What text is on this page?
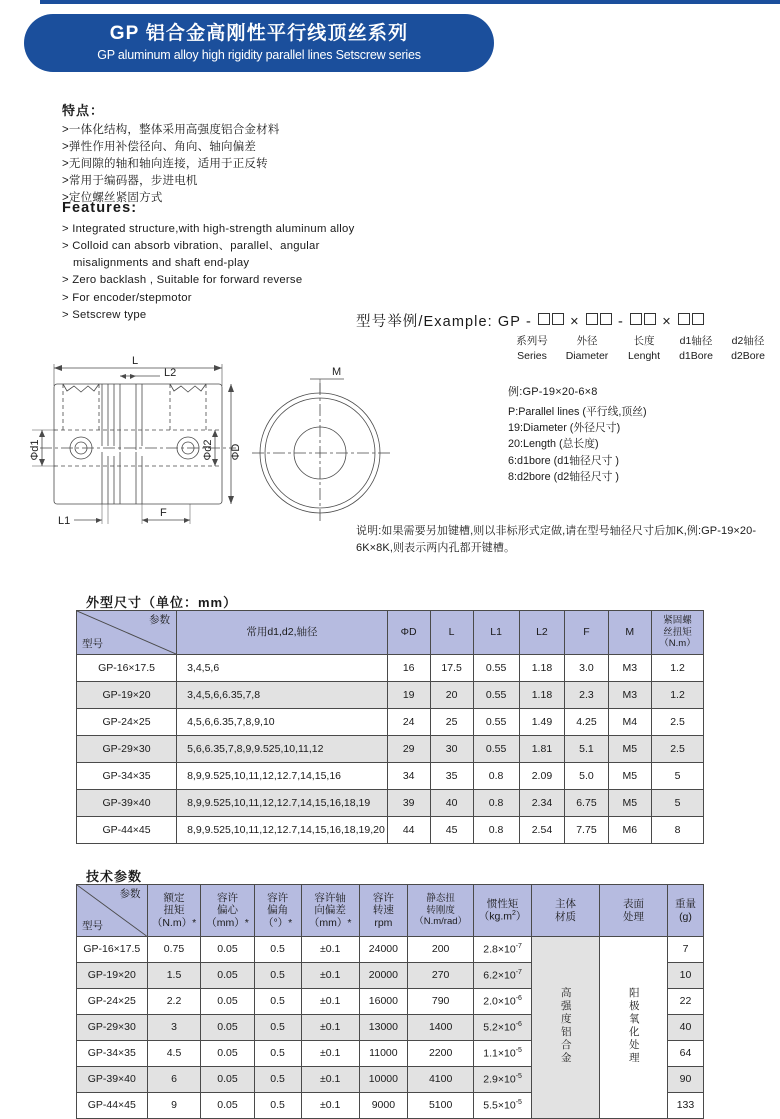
GP 铝合金高刚性平行线顶丝系列
GP aluminum alloy high rigidity parallel lines Setscrew series
特点：
>一体化结构，整体采用高强度铝合金材料
>弹性作用补偿径向、角向、轴向偏差
>无间隙的轴和轴向连接，适用于正反转
>常用于编码器，步进电机
>定位螺丝紧固方式
Features:
> Integrated structure,with high-strength aluminum alloy
> Colloid can absorb vibration、parallel、angular
misalignments and shaft end-play
> Zero backlash , Suitable for forward reverse
> For encoder/stepmotor
> Setscrew type
L
L2
L1
F
ΦD
Φd2
Φd1
M
型号举例/Example: GP -	×	-	×
系列号	外径	长度	d1轴径	d2轴径
Series	Diameter	Lenght	d1Bore	d2Bore
例:GP-19×20-6×8
P:Parallel lines (平行线,顶丝)
19:Diameter (外径尺寸)
20:Length (总长度)
6:d1bore (d1轴径尺寸 )
8:d2bore (d2轴径尺寸 )
说明:如果需要另加键槽,则以非标形式定做,请在型号轴径尺寸后加K,例:GP-19×20-6K×8K,则表示两内孔都开键槽。
外型尺寸（单位：mm）
参数
型号
	常用d1,d2,轴径	ΦD	L	L1	L2	F	M	
紧固螺
丝扭矩
（N.m）

GP-16×17.5	3,4,5,6	16	17.5	0.55	1.18	3.0	M3	1.2
GP-19×20	3,4,5,6,6.35,7,8	19	20	0.55	1.18	2.3	M3	1.2
GP-24×25	4,5,6,6.35,7,8,9,10	24	25	0.55	1.49	4.25	M4	2.5
GP-29×30	5,6,6.35,7,8,9,9.525,10,11,12	29	30	0.55	1.81	5.1	M5	2.5
GP-34×35	8,9,9.525,10,11,12,12.7,14,15,16	34	35	0.8	2.09	5.0	M5	5
GP-39×40	8,9,9.525,10,11,12,12.7,14,15,16,18,19	39	40	0.8	2.34	6.75	M5	5
GP-44×45	8,9,9.525,10,11,12,12.7,14,15,16,18,19,20	44	45	0.8	2.54	7.75	M6	8
技术参数
参数
型号

额定
扭矩
（N.m）*

容许
偏心
（mm）*

容许
偏角
（°）*

容许轴
向偏差
（mm）*

容许
转速
rpm

静态扭
转刚度
（N.m/rad）

惯性矩
$(kg.m^2)$

主体
材质

表面
处理

重量
(g)

GP-16×17.5	0.75	0.05	0.5	±0.1	24000	200	$2.8\times 10^{-7}$	高强度铝合金	阳极氧化处理	7
GP-19×20	1.5	0.05	0.5	±0.1	20000	270	$6.2\times 10^{-7}$			10
GP-24×25	2.2	0.05	0.5	±0.1	16000	790	$2.0\times 10^{-6}$			22
GP-29×30	3	0.05	0.5	±0.1	13000	1400	$5.2\times 10^{-6}$			40
GP-34×35	4.5	0.05	0.5	±0.1	11000	2200	$1.1\times 10^{-5}$			64
GP-39×40	6	0.05	0.5	±0.1	10000	4100	$2.9\times 10^{-5}$			90
GP-44×45	9	0.05	0.5	±0.1	9000	5100	$5.5\times 10^{-5}$			133
